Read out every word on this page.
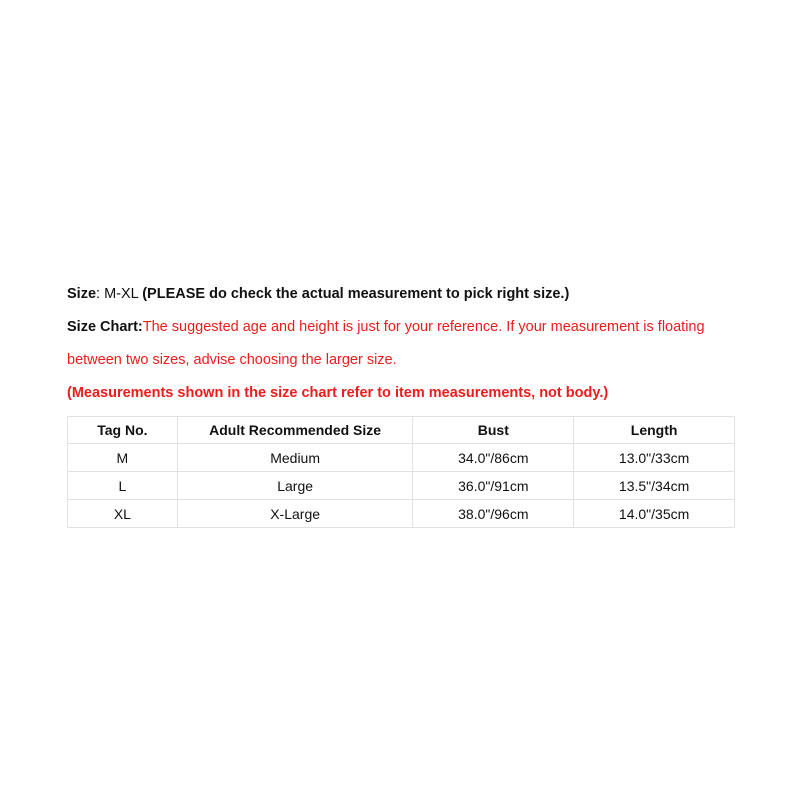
Size: M-XL (PLEASE do check the actual measurement to pick right size.)
Size Chart:The suggested age and height is just for your reference. If your measurement is floating
between two sizes, advise choosing the larger size.
(Measurements shown in the size chart refer to item measurements, not body.)
Tag No.	Adult Recommended Size	Bust	Length
M	Medium	34.0"/86cm	13.0"/33cm
L	Large	36.0"/91cm	13.5"/34cm
XL	X-Large	38.0"/96cm	14.0"/35cm
